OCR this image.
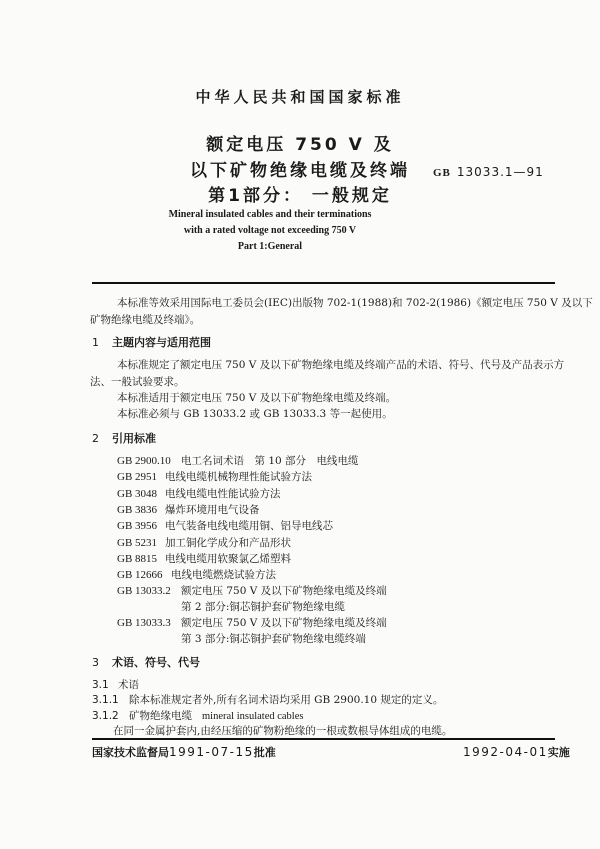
中华人民共和国国家标准
额定电压 750 V 及
以下矿物绝缘电缆及终端
第1部分： 一般规定
GB 13033.1—91
Mineral insulated cables and their terminations
with a rated voltage not exceeding 750 V
Part 1:General
本标准等效采用国际电工委员会(IEC)出版物 702-1(1988)和 702-2(1986)《额定电压 750 V 及以下
矿物绝缘电缆及终端》。
1 主题内容与适用范围
本标准规定了额定电压 750 V 及以下矿物绝缘电缆及终端产品的术语、符号、代号及产品表示方
法、一般试验要求。
本标准适用于额定电压 750 V 及以下矿物绝缘电缆及终端。
本标准必须与 GB 13033.2 或 GB 13033.3 等一起使用。
2 引用标准
GB 2900.10 电工名词术语　第 10 部分　电线电缆
GB 2951 电线电缆机械物理性能试验方法
GB 3048 电线电缆电性能试验方法
GB 3836 爆炸环境用电气设备
GB 3956 电气装备电线电缆用铜、铝导电线芯
GB 5231 加工铜化学成分和产品形状
GB 8815 电线电缆用软聚氯乙烯塑料
GB 12666 电线电缆燃烧试验方法
GB 13033.2 额定电压 750 V 及以下矿物绝缘电缆及终端
第 2 部分:铜芯铜护套矿物绝缘电缆
GB 13033.3 额定电压 750 V 及以下矿物绝缘电缆及终端
第 3 部分:铜芯铜护套矿物绝缘电缆终端
3 术语、符号、代号
3.1 术语
3.1.1 除本标准规定者外,所有名词术语均采用 GB 2900.10 规定的定义。
3.1.2 矿物绝缘电缆 mineral insulated cables
在同一金属护套内,由经压缩的矿物粉绝缘的一根或数根导体组成的电缆。
国家技术监督局1991-07-15批准	1992-04-01实施
